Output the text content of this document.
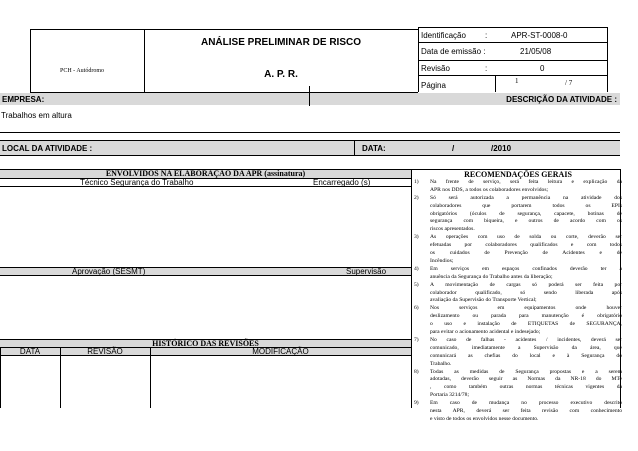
PCH - Autódromo
ANÁLISE PRELIMINAR DE RISCO
A. P. R.
Identificação :	APR-ST-0008-0
Data de emissão :	21/05/08
Revisão	:	0
Página	1	/ 7
EMPRESA:
Trabalhos em altura
DESCRIÇÃO DA ATIVIDADE :
LOCAL DA ATIVIDADE :	DATA:	/	/2010
ENVOLVIDOS NA ELABORAÇÃO DA APR (assinatura)
Técnico Segurança do Trabalho	Encarregado (s)
Aprovação (SESMT)	Supervisão
HISTÓRICO DAS REVISÕES
DATA	REVISÃO	MODIFICAÇÃO
RECOMENDAÇÕES GERAIS
1)	Na frente de serviço, será feita leitura e explicação da
APR nos DDS, a todos os colaboradores envolvidos;
2)	Só será autorizada a permanência na atividade dos
colaboradores que portarem todos os EPIs
obrigatórios (óculos de segurança, capacete, botinas de
segurança com biqueira, e outros de acordo com os
riscos apresentados.
3)	As operações com uso de solda ou corte, deverão ser
efetuadas por colaboradores qualificados e com todos
os cuidados de Prevenção de Acidentes e de
Incêndios;
4)	Em serviços em espaços confinados deverão ter a
anuência da Segurança do Trabalho antes da liberação;
5)	A movimentação de cargas só poderá ser feita por
colaborador qualificado, só sendo liberada após
avaliação da Supervisão do Transporte Vertical;
6)	Nos serviços em equipamentos onde houver
deslizamento ou parada para manutenção é obrigatório
o uso e instalação de ETIQUETAS de SEGURANÇA,
para evitar o acionamento acidental e indesejado;
7)	No caso de falhas - acidentes / incidentes, deverá ser
comunicado, imediatamente a Supervisão da área, que
comunicará as chefias do local e à Segurança do
Trabalho.
8)	Todas as medidas de Segurança propostas e a serem
adotadas, deverão seguir as Normas da NR-18 do MTe
, como também outras normas técnicas vigentes da
Portaria 3214/78;
9)	Em caso de mudança no processo executivo descrito
nesta APR, deverá ser feita revisão com conhecimento
e visto de todos os envolvidos nesse documento.
